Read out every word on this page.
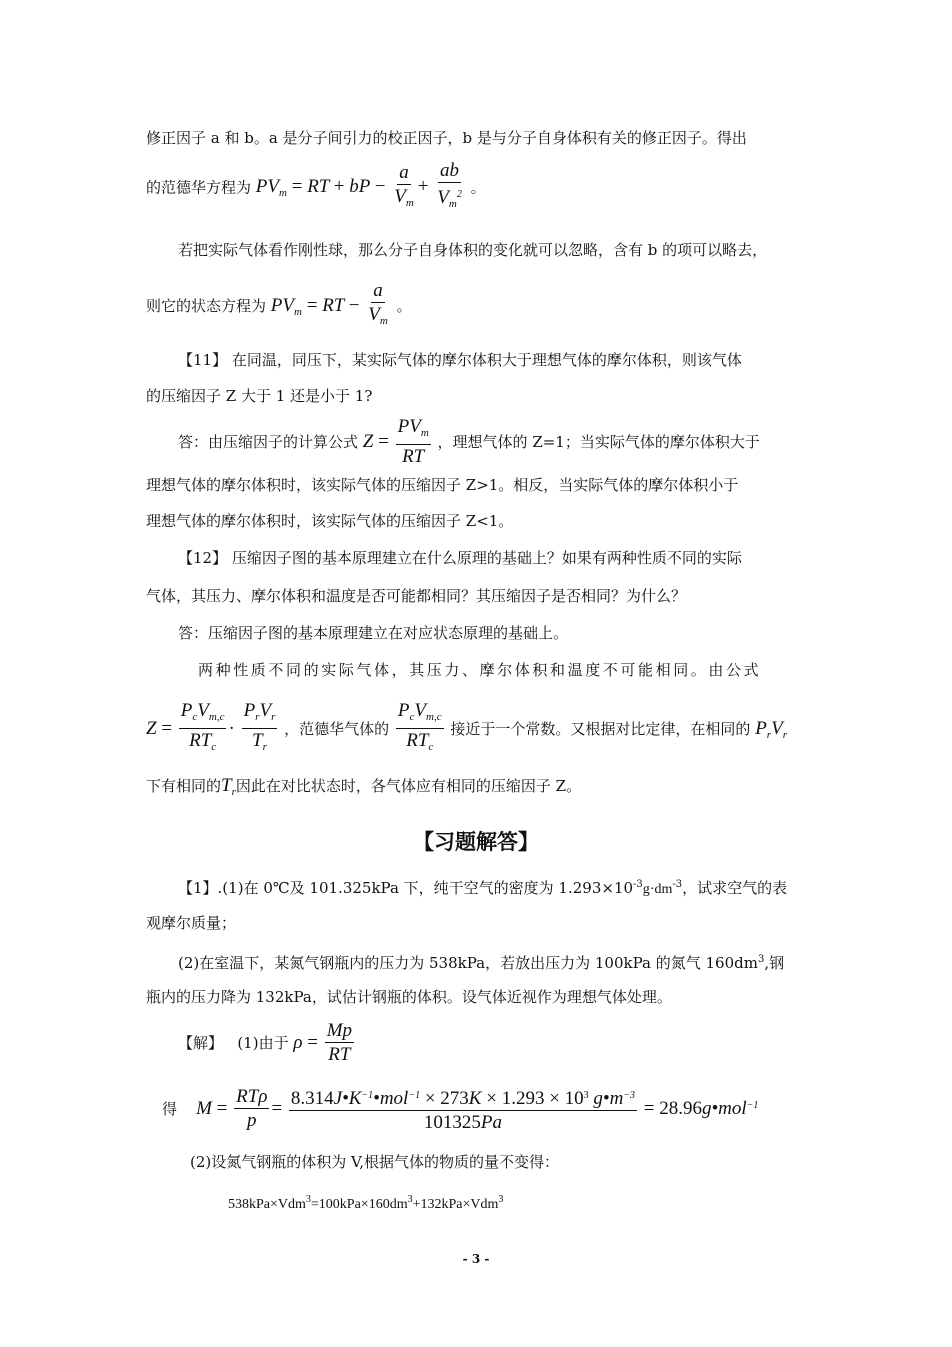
修正因子 a 和 b。a 是分子间引力的校正因子，b 是与分子自身体积有关的修正因子。得出
的范德华方程为 $PV_m$ = RT + bP − $\frac{a}{V_m} + \frac{ab}{V_m^2}$ 。
若把实际气体看作刚性球，那么分子自身体积的变化就可以忽略，含有 b 的项可以略去，
则它的状态方程为 $PV_m$ = RT − $\frac{a}{V_m}$ 。
【11】 在同温，同压下，某实际气体的摩尔体积大于理想气体的摩尔体积，则该气体
的压缩因子 Z 大于 1 还是小于 1?
答：由压缩因子的计算公式 $Z = \frac{PV_m}{RT}$ ，理想气体的 Z=1；当实际气体的摩尔体积大于
理想气体的摩尔体积时，该实际气体的压缩因子 Z>1。相反，当实际气体的摩尔体积小于
理想气体的摩尔体积时，该实际气体的压缩因子 Z<1。
【12】 压缩因子图的基本原理建立在什么原理的基础上？如果有两种性质不同的实际
气体，其压力、摩尔体积和温度是否可能都相同？其压缩因子是否相同？为什么？
答：压缩因子图的基本原理建立在对应状态原理的基础上。
两种性质不同的实际气体，其压力、摩尔体积和温度不可能相同。由公式
$Z = \frac{P_cV_{m,c}}{RT_c} \cdot \frac{P_rV_r}{T_r}$ ，范德华气体的 $\frac{P_cV_{m,c}}{RT_c}$ 接近于一个常数。又根据对比定律，在相同的 $P_rV_r$
下有相同的$T_r$因此在对比状态时，各气体应有相同的压缩因子 Z。
【习题解答】
【1】.(1)在 0℃及 101.325kPa 下，纯干空气的密度为 $1.293\times 10^{-3}g\cdot dm^{-3}$，试求空气的表
观摩尔质量；
(2)在室温下，某氮气钢瓶内的压力为 538kPa，若放出压力为 100kPa 的氮气 $160dm^3$,钢
瓶内的压力降为 132kPa，试估计钢瓶的体积。设气体近视作为理想气体处理。
【解】 (1)由于 $\rho = \frac{Mp}{RT}$
得 $M = \frac{\text{RTρ}}{p} = \frac{8.314J•K^{-1}•mol^{-1} \times 273K \times 1.293 \times 10^3 g•m^{-3}}{101325Pa}$ = 28.96g•mol$^{-1}$
(2)设氮气钢瓶的体积为 V,根据气体的物质的量不变得：
$538kPa\times Vdm^3=100kPa\times 160dm^3+132kPa\times Vdm^3$
- 3 -
